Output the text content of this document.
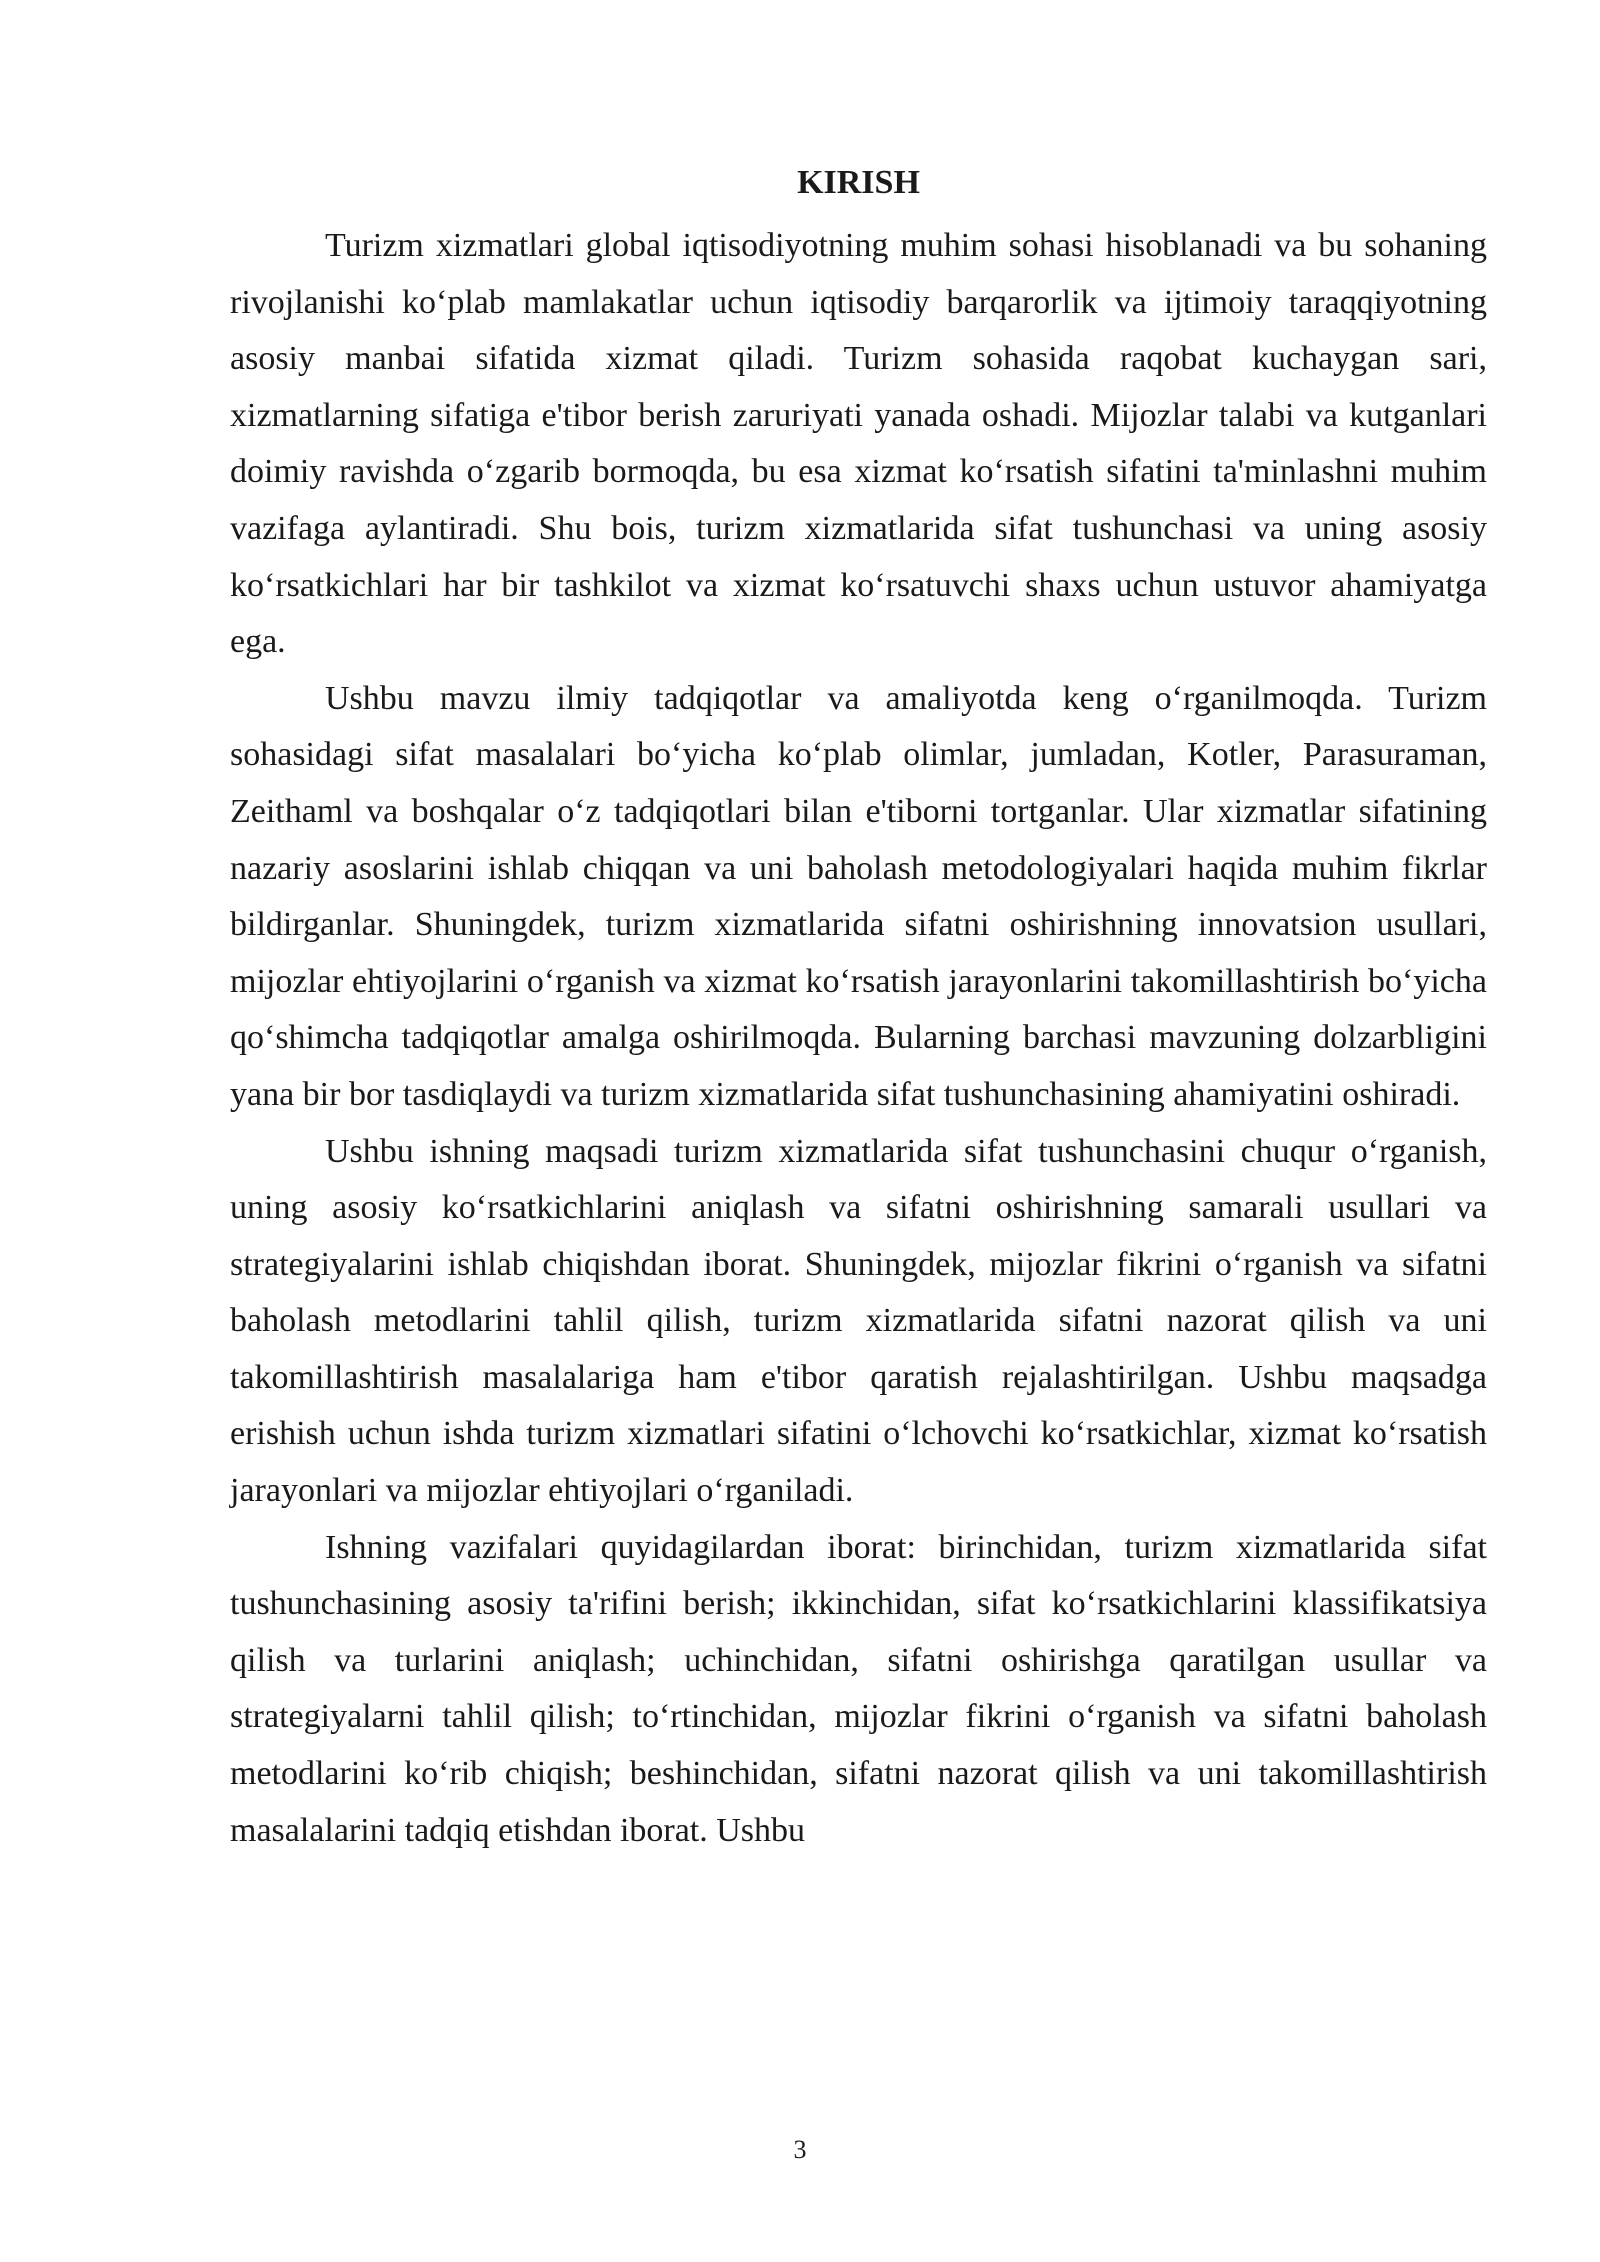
KIRISH

Turizm xizmatlari global iqtisodiyotning muhim sohasi hisoblanadi va bu sohaning rivojlanishi ko‘plab mamlakatlar uchun iqtisodiy barqarorlik va ijtimoiy taraqqiyotning asosiy manbai sifatida xizmat qiladi. Turizm sohasida raqobat kuchaygan sari, xizmatlarning sifatiga e'tibor berish zaruriyati yanada oshadi. Mijozlar talabi va kutganlari doimiy ravishda o‘zgarib bormoqda, bu esa xizmat ko‘rsatish sifatini ta'minlashni muhim vazifaga aylantiradi. Shu bois, turizm xizmatlarida sifat tushunchasi va uning asosiy ko‘rsatkichlari har bir tashkilot va xizmat ko‘rsatuvchi shaxs uchun ustuvor ahamiyatga ega.

Ushbu mavzu ilmiy tadqiqotlar va amaliyotda keng o‘rganilmoqda. Turizm sohasidagi sifat masalalari bo‘yicha ko‘plab olimlar, jumladan, Kotler, Parasuraman, Zeithaml va boshqalar o‘z tadqiqotlari bilan e'tiborni tortganlar. Ular xizmatlar sifatining nazariy asoslarini ishlab chiqqan va uni baholash metodologiyalari haqida muhim fikrlar bildirganlar. Shuningdek, turizm xizmatlarida sifatni oshirishning innovatsion usullari, mijozlar ehtiyojlarini o‘rganish va xizmat ko‘rsatish jarayonlarini takomillashtirish bo‘yicha qo‘shimcha tadqiqotlar amalga oshirilmoqda. Bularning barchasi mavzuning dolzarbligini yana bir bor tasdiqlaydi va turizm xizmatlarida sifat tushunchasining ahamiyatini oshiradi.

Ushbu ishning maqsadi turizm xizmatlarida sifat tushunchasini chuqur o‘rganish, uning asosiy ko‘rsatkichlarini aniqlash va sifatni oshirishning samarali usullari va strategiyalarini ishlab chiqishdan iborat. Shuningdek, mijozlar fikrini o‘rganish va sifatni baholash metodlarini tahlil qilish, turizm xizmatlarida sifatni nazorat qilish va uni takomillashtirish masalalariga ham e'tibor qaratish rejalashtirilgan. Ushbu maqsadga erishish uchun ishda turizm xizmatlari sifatini o‘lchovchi ko‘rsatkichlar, xizmat ko‘rsatish jarayonlari va mijozlar ehtiyojlari o‘rganiladi.

Ishning vazifalari quyidagilardan iborat: birinchidan, turizm xizmatlarida sifat tushunchasining asosiy ta'rifini berish; ikkinchidan, sifat ko‘rsatkichlarini klassifikatsiya qilish va turlarini aniqlash; uchinchidan, sifatni oshirishga qaratilgan usullar va strategiyalarni tahlil qilish; to‘rtinchidan, mijozlar fikrini o‘rganish va sifatni baholash metodlarini ko‘rib chiqish; beshinchidan, sifatni nazorat qilish va uni takomillashtirish masalalarini tadqiq etishdan iborat. Ushbu

3
